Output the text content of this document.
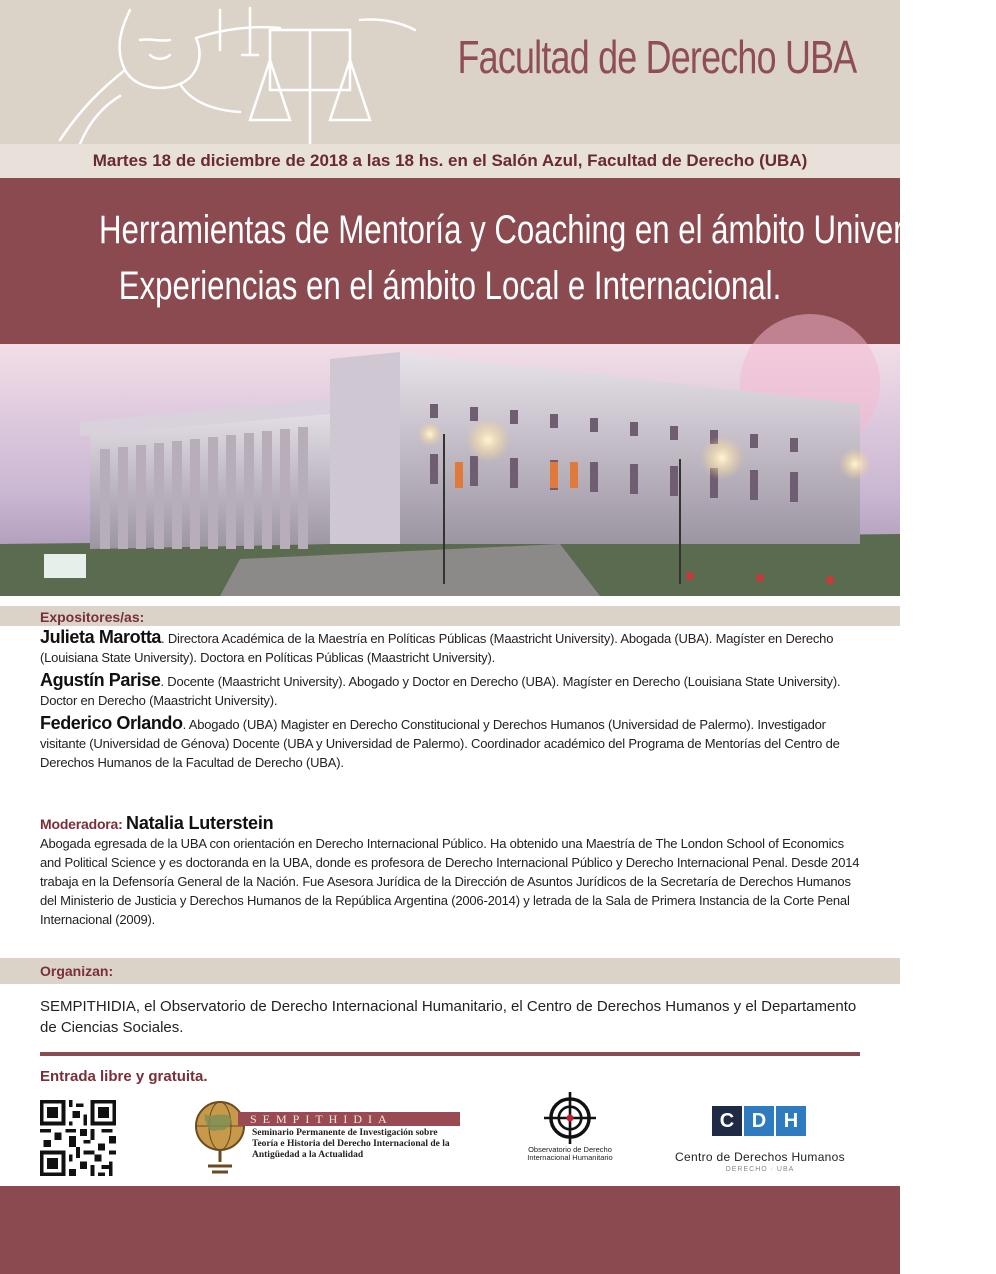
Facultad de Derecho UBA
Martes 18 de diciembre de 2018 a las 18 hs. en el Salón Azul, Facultad de Derecho (UBA)
Herramientas de Mentoría y Coaching en el ámbito Universitario:
Experiencias en el ámbito Local e Internacional.
Expositores/as:
Julieta Marotta. Directora Académica de la Maestría en Políticas Públicas (Maastricht University). Abogada (UBA). Magíster en Derecho (Louisiana State University). Doctora en Políticas Públicas (Maastricht University).
Agustín Parise. Docente (Maastricht University). Abogado y Doctor en Derecho (UBA). Magíster en Derecho (Louisiana State University). Doctor en Derecho (Maastricht University).
Federico Orlando. Abogado (UBA) Magister en Derecho Constitucional y Derechos Humanos (Universidad de Palermo). Investigador visitante (Universidad de Génova) Docente (UBA y Universidad de Palermo). Coordinador académico del Programa de Mentorías del Centro de Derechos Humanos de la Facultad de Derecho (UBA).
Moderadora: Natalia Luterstein
Abogada egresada de la UBA con orientación en Derecho Internacional Público. Ha obtenido una Maestría de The London School of Economics and Political Science y es doctoranda en la UBA, donde es profesora de Derecho Internacional Público y Derecho Internacional Penal. Desde 2014 trabaja en la Defensoría General de la Nación. Fue Asesora Jurídica de la Dirección de Asuntos Jurídicos de la Secretaría de Derechos Humanos del Ministerio de Justicia y Derechos Humanos de la República Argentina (2006-2014) y letrada de la Sala de Primera Instancia de la Corte Penal Internacional (2009).
Organizan:
SEMPITHIDIA, el Observatorio de Derecho Internacional Humanitario, el Centro de Derechos Humanos y el Departamento de Ciencias Sociales.
Entrada libre y gratuita.
SEMPITHIDIA
Seminario Permanente de Investigación sobre Teoría e Historia del Derecho Internacional de la Antigüedad a la Actualidad
Observatorio de Derecho Internacional Humanitario
C D H
Centro de Derechos Humanos
DERECHO · UBA
